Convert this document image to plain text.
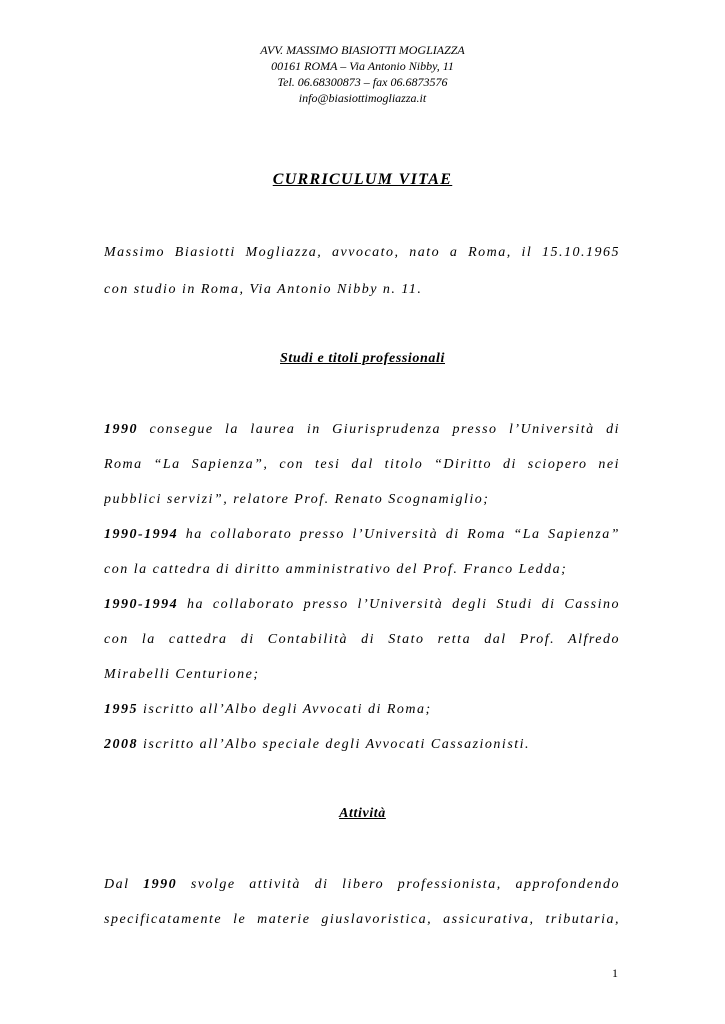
AVV. MASSIMO BIASIOTTI MOGLIAZZA
00161 ROMA – Via Antonio Nibby, 11
Tel. 06.68300873 – fax 06.6873576
info@biasiottimogliazza.it
CURRICULUM VITAE
Massimo Biasiotti Mogliazza, avvocato, nato a Roma, il 15.10.1965
con studio in Roma, Via Antonio Nibby n. 11.
Studi e titoli professionali
1990 consegue la laurea in Giurisprudenza presso l’Università di
Roma “La Sapienza”, con tesi dal titolo “Diritto di sciopero nei
pubblici servizi”, relatore Prof. Renato Scognamiglio;
1990-1994 ha collaborato presso l’Università di Roma “La Sapienza”
con la cattedra di diritto amministrativo del Prof. Franco Ledda;
1990-1994 ha collaborato presso l’Università degli Studi di Cassino
con la cattedra di Contabilità di Stato retta dal Prof. Alfredo
Mirabelli Centurione;
1995 iscritto all’Albo degli Avvocati di Roma;
2008 iscritto all’Albo speciale degli Avvocati Cassazionisti.
Attività
Dal 1990 svolge attività di libero professionista, approfondendo
specificatamente le materie giuslavoristica, assicurativa, tributaria,
1
